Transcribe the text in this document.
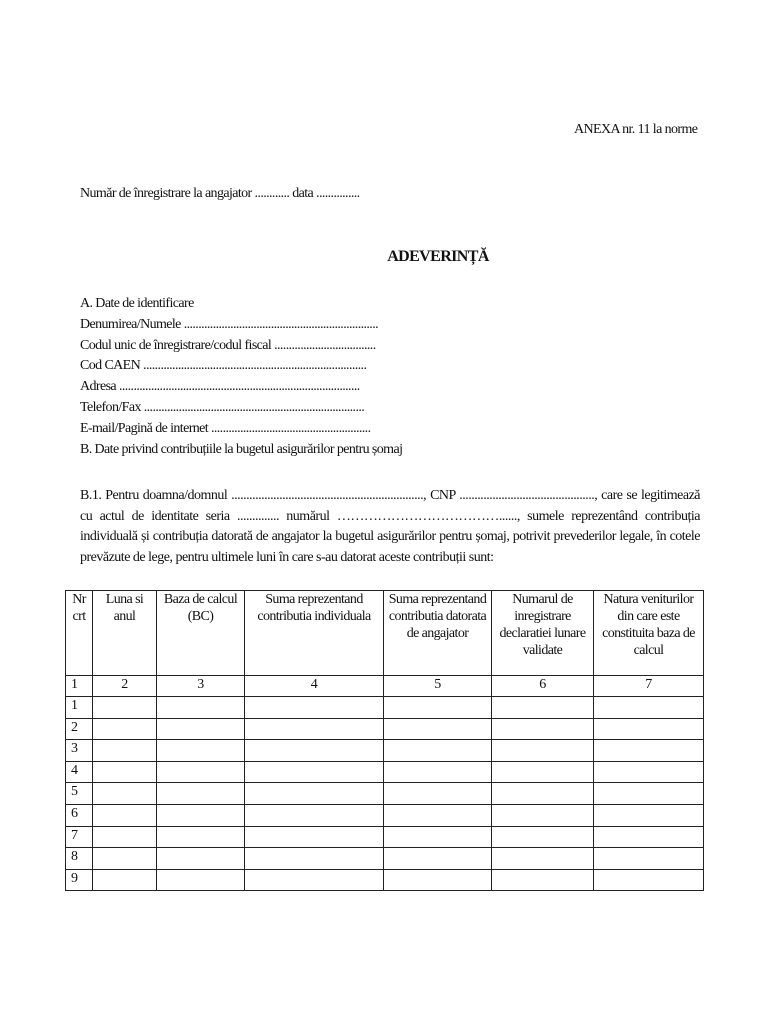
ANEXA nr. 11 la norme
Număr de înregistrare la angajator ............ data ...............
ADEVERINȚĂ
A. Date de identificare
Denumirea/Numele ...................................................................
Codul unic de înregistrare/codul fiscal ...................................
Cod CAEN .............................................................................
Adresa ...................................................................................
Telefon/Fax ............................................................................
E-mail/Pagină de internet .......................................................
B. Date privind contribuțiile la bugetul asigurărilor pentru șomaj
B.1. Pentru doamna/domnul ................................................................, CNP ............................................., care se legitimează cu actul de identitate seria .............. numărul ………………………………......, sumele reprezentând contribuția individuală și contribuția datorată de angajator la bugetul asigurărilor pentru șomaj, potrivit prevederilor legale, în cotele prevăzute de lege, pentru ultimele luni în care s-au datorat aceste contribuții sunt:
Nr crt	Luna si anul	Baza de calcul (BC)	Suma reprezentand contributia individuala	Suma reprezentand contributia datorata de angajator	Numarul de inregistrare declaratiei lunare validate	Natura veniturilor din care este constituita baza de calcul
1	2	3	4	5	6	7
1						
2						
3						
4						
5						
6						
7						
8						
9						
